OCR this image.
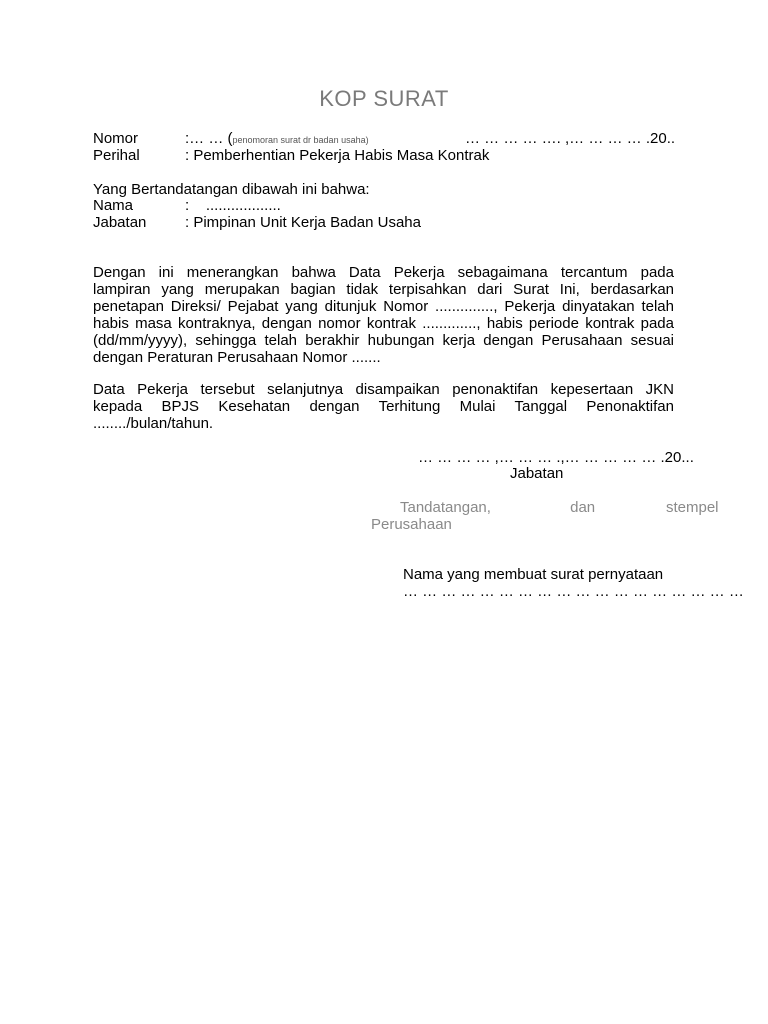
KOP SURAT
Nomor	:… … (penomoran surat dr badan usaha)	… … … … …. ,… … … … .20..
Perihal	: Pemberhentian Pekerja Habis Masa Kontrak
Yang Bertandatangan dibawah ini bahwa:
Nama	:    ..................
Jabatan	: Pimpinan Unit Kerja Badan Usaha
Dengan ini menerangkan bahwa Data Pekerja sebagaimana tercantum pada
lampiran yang merupakan bagian tidak terpisahkan dari Surat Ini, berdasarkan
penetapan Direksi/ Pejabat yang ditunjuk Nomor .............., Pekerja dinyatakan telah
habis masa kontraknya, dengan nomor kontrak ............., habis periode kontrak pada
(dd/mm/yyyy), sehingga telah berakhir hubungan kerja dengan Perusahaan sesuai
dengan Peraturan Perusahaan Nomor .......
Data Pekerja tersebut selanjutnya disampaikan penonaktifan kepesertaan JKN
kepada BPJS Kesehatan dengan Terhitung Mulai Tanggal Penonaktifan
......../bulan/tahun.
… … … … ,… … … .,… … … … … .20...
Jabatan
Tandatangan,                   dan                 stempel
Perusahaan
Nama yang membuat surat pernyataan
… … … … … … … … … … … … … … … … … …
